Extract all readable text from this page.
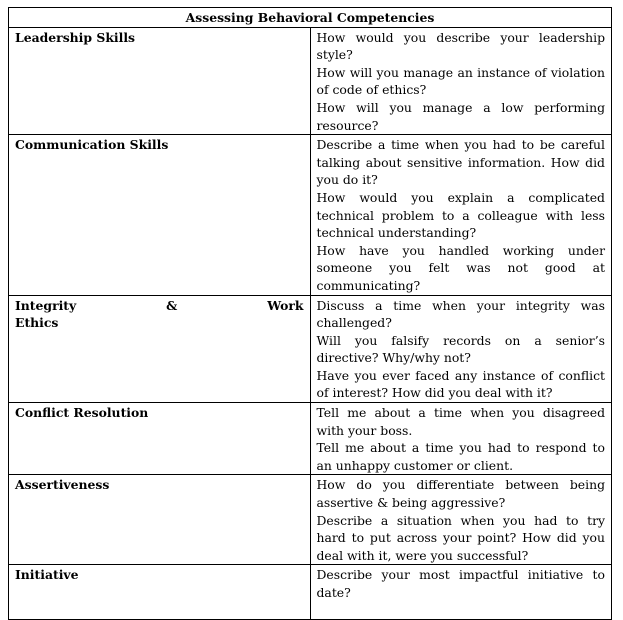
Assessing Behavioral Competencies	
Leadership Skills	How would you describe your leadership style?
How will you manage an instance of violation of code of ethics?
How will you manage a low performing resource?

Communication Skills	Describe a time when you had to be careful talking about sensitive information. How did you do it?
How would you explain a complicated technical problem to a colleague with less technical understanding?
How have you handled working under someone you felt was not good at communicating?

Integrity & Work
Ethics	Discuss a time when your integrity was challenged?
Will you falsify records on a senior’s directive? Why/why not?
Have you ever faced any instance of conflict of interest? How did you deal with it?

Conflict Resolution	Tell me about a time when you disagreed with your boss.
Tell me about a time you had to respond to an unhappy customer or client.

Assertiveness	How do you differentiate between being assertive & being aggressive?
Describe a situation when you had to try hard to put across your point? How did you deal with it, were you successful?

Initiative	Describe your most impactful initiative to date?
